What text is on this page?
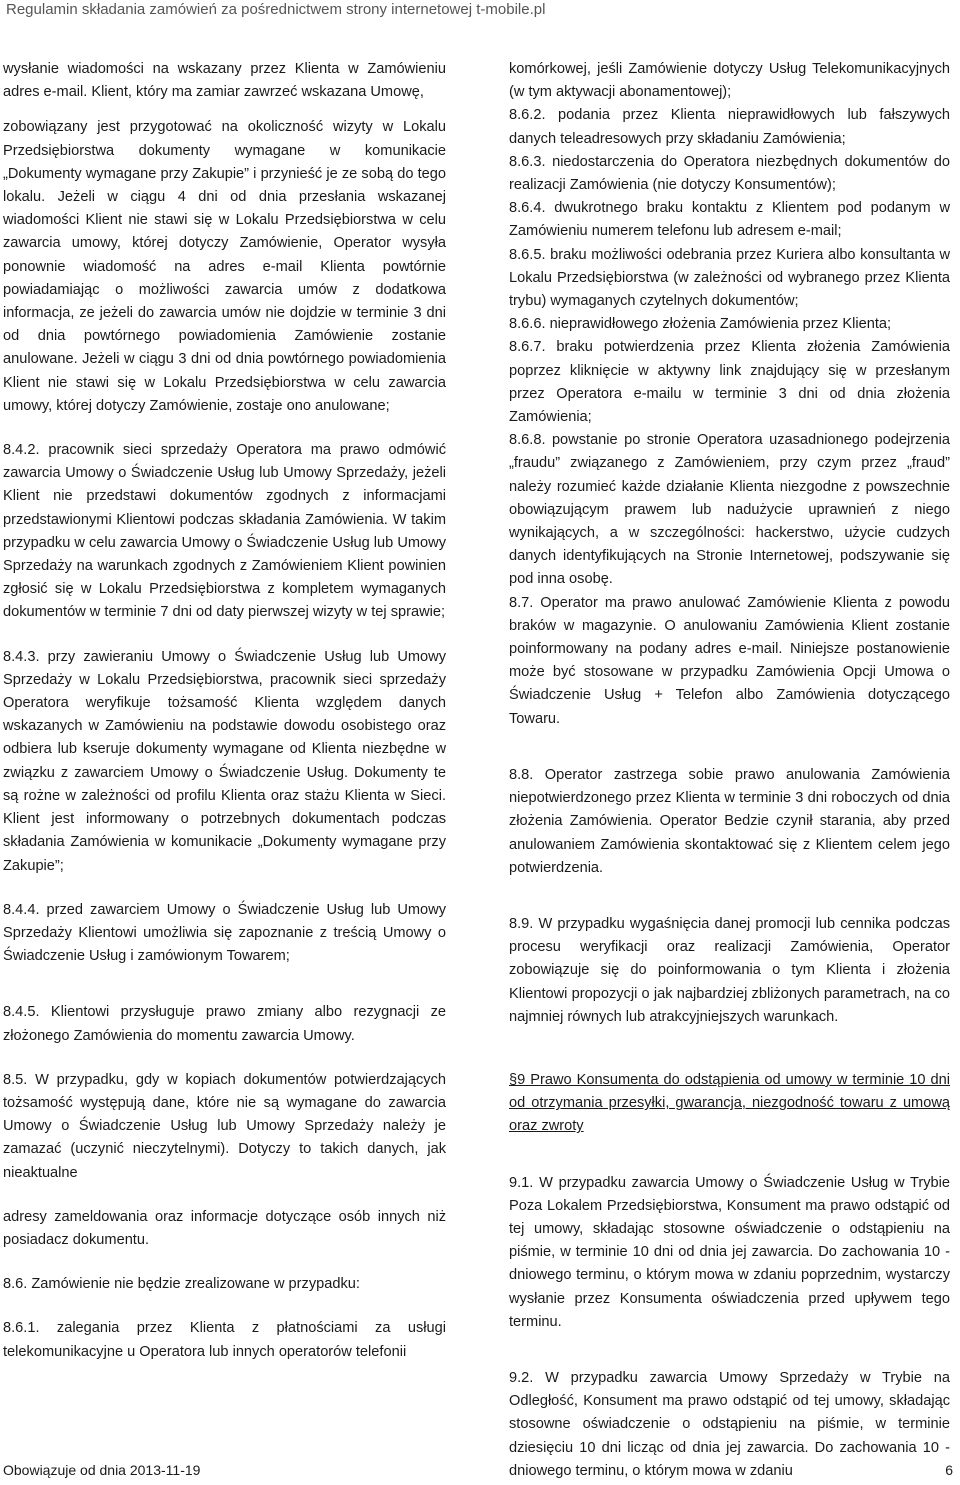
Regulamin składania zamówień za pośrednictwem strony internetowej t-mobile.pl

wysłanie wiadomości na wskazany przez Klienta w Zamówieniu adres e-mail. Klient, który ma zamiar zawrzeć wskazana Umowę,

zobowiązany jest przygotować na okoliczność wizyty w Lokalu Przedsiębiorstwa dokumenty wymagane w komunikacie „Dokumenty wymagane przy Zakupie” i przynieść je ze sobą do tego lokalu. Jeżeli w ciągu 4 dni od dnia przesłania wskazanej wiadomości Klient nie stawi się w Lokalu Przedsiębiorstwa w celu zawarcia umowy, której dotyczy Zamówienie, Operator wysyła ponownie wiadomość na adres e-mail Klienta powtórnie powiadamiając o możliwości zawarcia umów z dodatkowa informacja, ze jeżeli do zawarcia umów nie dojdzie w terminie 3 dni od dnia powtórnego powiadomienia Zamówienie zostanie anulowane. Jeżeli w ciągu 3 dni od dnia powtórnego powiadomienia Klient nie stawi się w Lokalu Przedsiębiorstwa w celu zawarcia umowy, której dotyczy Zamówienie, zostaje ono anulowane;

8.4.2. pracownik sieci sprzedaży Operatora ma prawo odmówić zawarcia Umowy o Świadczenie Usług lub Umowy Sprzedaży, jeżeli Klient nie przedstawi dokumentów zgodnych z informacjami przedstawionymi Klientowi podczas składania Zamówienia. W takim przypadku w celu zawarcia Umowy o Świadczenie Usług lub Umowy Sprzedaży na warunkach zgodnych z Zamówieniem Klient powinien zgłosić się w Lokalu Przedsiębiorstwa z kompletem wymaganych dokumentów w terminie 7 dni od daty pierwszej wizyty w tej sprawie;

8.4.3. przy zawieraniu Umowy o Świadczenie Usług lub Umowy Sprzedaży w Lokalu Przedsiębiorstwa, pracownik sieci sprzedaży Operatora weryfikuje tożsamość Klienta względem danych wskazanych w Zamówieniu na podstawie dowodu osobistego oraz odbiera lub kseruje dokumenty wymagane od Klienta niezbędne w związku z zawarciem Umowy o Świadczenie Usług. Dokumenty te są rożne w zależności od profilu Klienta oraz stażu Klienta w Sieci. Klient jest informowany o potrzebnych dokumentach podczas składania Zamówienia w komunikacie „Dokumenty wymagane przy Zakupie”;

8.4.4. przed zawarciem Umowy o Świadczenie Usług lub Umowy Sprzedaży Klientowi umożliwia się zapoznanie z treścią Umowy o Świadczenie Usług i zamówionym Towarem;

8.4.5. Klientowi przysługuje prawo zmiany albo rezygnacji ze złożonego Zamówienia do momentu zawarcia Umowy.

8.5. W przypadku, gdy w kopiach dokumentów potwierdzających tożsamość występują dane, które nie są wymagane do zawarcia Umowy o Świadczenie Usług lub Umowy Sprzedaży należy je zamazać (uczynić nieczytelnymi). Dotyczy to takich danych, jak nieaktualne

adresy zameldowania oraz informacje dotyczące osób innych niż posiadacz dokumentu.

8.6. Zamówienie nie będzie zrealizowane w przypadku:

8.6.1. zalegania przez Klienta z płatnościami za usługi telekomunikacyjne u Operatora lub innych operatorów telefonii

komórkowej, jeśli Zamówienie dotyczy Usług Telekomunikacyjnych (w tym aktywacji abonamentowej);

8.6.2. podania przez Klienta nieprawidłowych lub fałszywych danych teleadresowych przy składaniu Zamówienia;

8.6.3. niedostarczenia do Operatora niezbędnych dokumentów do realizacji Zamówienia (nie dotyczy Konsumentów);

8.6.4. dwukrotnego braku kontaktu z Klientem pod podanym w Zamówieniu numerem telefonu lub adresem e-mail;

8.6.5. braku możliwości odebrania przez Kuriera albo konsultanta w Lokalu Przedsiębiorstwa (w zależności od wybranego przez Klienta trybu) wymaganych czytelnych dokumentów;

8.6.6. nieprawidłowego złożenia Zamówienia przez Klienta;

8.6.7. braku potwierdzenia przez Klienta złożenia Zamówienia poprzez kliknięcie w aktywny link znajdujący się w przesłanym przez Operatora e-mailu w terminie 3 dni od dnia złożenia Zamówienia;

8.6.8. powstanie po stronie Operatora uzasadnionego podejrzenia „fraudu” związanego z Zamówieniem, przy czym przez „fraud” należy rozumieć każde działanie Klienta niezgodne z powszechnie obowiązującym prawem lub nadużycie uprawnień z niego wynikających, a w szczególności: hackerstwo, użycie cudzych danych identyfikujących na Stronie Internetowej, podszywanie się pod inna osobę.

8.7. Operator ma prawo anulować Zamówienie Klienta z powodu braków w magazynie. O anulowaniu Zamówienia Klient zostanie poinformowany na podany adres e-mail. Niniejsze postanowienie może być stosowane w przypadku Zamówienia Opcji Umowa o Świadczenie Usług + Telefon albo Zamówienia dotyczącego Towaru.

8.8. Operator zastrzega sobie prawo anulowania Zamówienia niepotwierdzonego przez Klienta w terminie 3 dni roboczych od dnia złożenia Zamówienia. Operator Bedzie czynił starania, aby przed anulowaniem Zamówienia skontaktować się z Klientem celem jego potwierdzenia.

8.9. W przypadku wygaśnięcia danej promocji lub cennika podczas procesu weryfikacji oraz realizacji Zamówienia, Operator zobowiązuje się do poinformowania o tym Klienta i złożenia Klientowi propozycji o jak najbardziej zbliżonych parametrach, na co najmniej równych lub atrakcyjniejszych warunkach.

§9 Prawo Konsumenta do odstąpienia od umowy w terminie 10 dni od otrzymania przesyłki, gwarancja, niezgodność towaru z umową oraz zwroty

9.1. W przypadku zawarcia Umowy o Świadczenie Usług w Trybie Poza Lokalem Przedsiębiorstwa, Konsument ma prawo odstąpić od tej umowy, składając stosowne oświadczenie o odstąpieniu na piśmie, w terminie 10 dni od dnia jej zawarcia. Do zachowania 10 - dniowego terminu, o którym mowa w zdaniu poprzednim, wystarczy wysłanie przez Konsumenta oświadczenia przed upływem tego terminu.

9.2. W przypadku zawarcia Umowy Sprzedaży w Trybie na Odległość, Konsument ma prawo odstąpić od tej umowy, składając stosowne oświadczenie o odstąpieniu na piśmie, w terminie dziesięciu 10 dni licząc od dnia jej zawarcia. Do zachowania 10 - dniowego terminu, o którym mowa w zdaniu

Obowiązuje od dnia 2013-11-19	6
